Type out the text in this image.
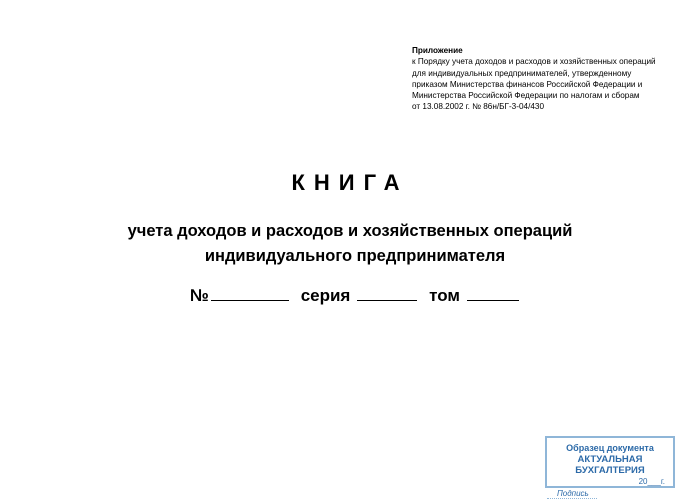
Приложение
к Порядку учета доходов и расходов и хозяйственных операций
для индивидуальных предпринимателей, утвержденному
приказом Министерства финансов Российской Федерации и
Министерства Российской Федерации по налогам и сборам
от 13.08.2002 г. № 86н/БГ-3-04/430
КНИГА
учета доходов и расходов и хозяйственных операций

индивидуального предпринимателя
№	серия	том
Образец документа
АКТУАЛЬНАЯ БУХГАЛТЕРИЯ
20___г.
Подпись
